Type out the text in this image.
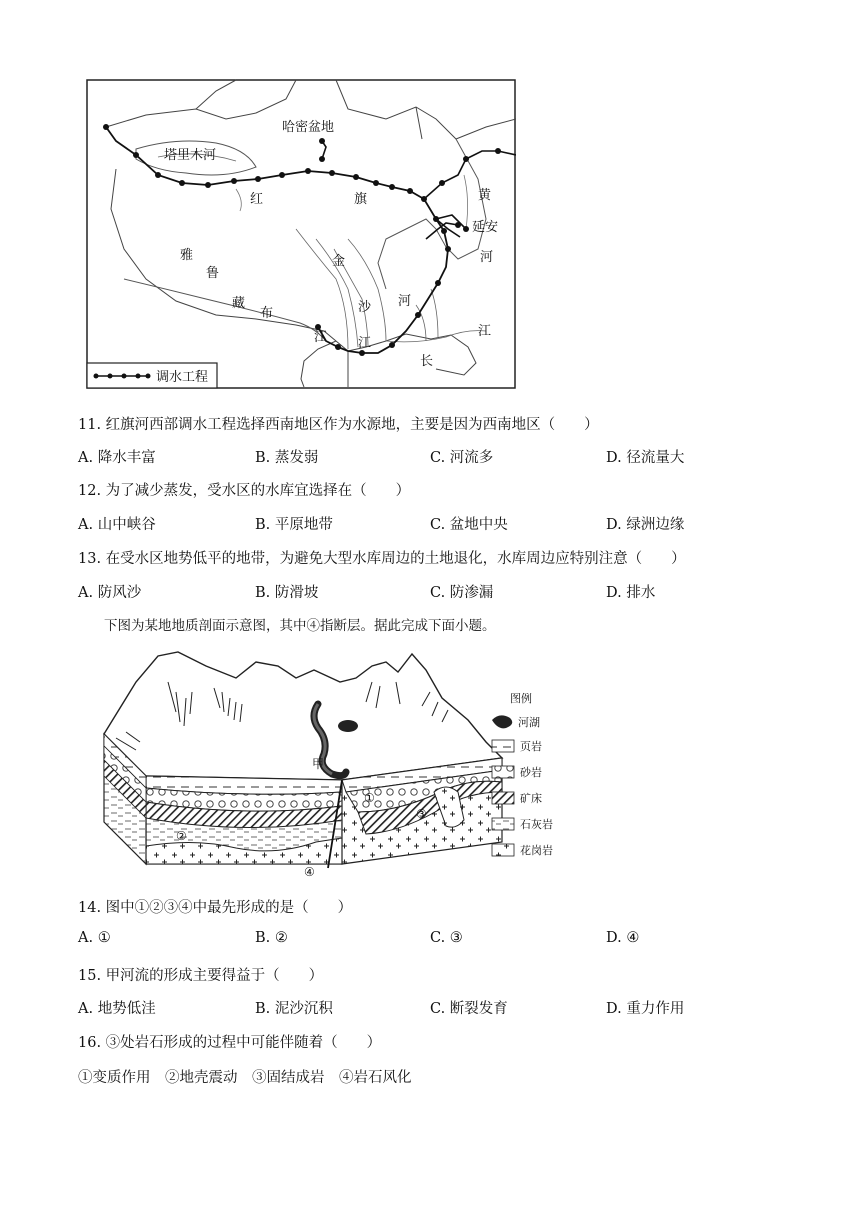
塔里木河
哈密盆地
红	旗	黄
延安
河
金
沙 河
雅
鲁
藏
布
江 江
长
江
调水工程
11. 红旗河西部调水工程选择西南地区作为水源地，主要是因为西南地区（　　）
A. 降水丰富	B. 蒸发弱	C. 河流多	D. 径流量大
12. 为了减少蒸发，受水区的水库宜选择在（　　）
A. 山中峡谷	B. 平原地带	C. 盆地中央	D. 绿洲边缘
13. 在受水区地势低平的地带，为避免大型水库周边的土地退化，水库周边应特别注意（　　）
A. 防风沙	B. 防滑坡	C. 防渗漏	D. 排水
下图为某地地质剖面示意图，其中④指断层。据此完成下面小题。
甲
①
②
③
④
图例
河湖
页岩
砂岩
矿床
石灰岩
花岗岩
14. 图中①②③④中最先形成的是（　　）
A. ①	B. ②	C. ③	D. ④
15. 甲河流的形成主要得益于（　　）
A. 地势低洼	B. 泥沙沉积	C. 断裂发育	D. 重力作用
16. ③处岩石形成的过程中可能伴随着（　　）
①变质作用　②地壳震动　③固结成岩　④岩石风化
